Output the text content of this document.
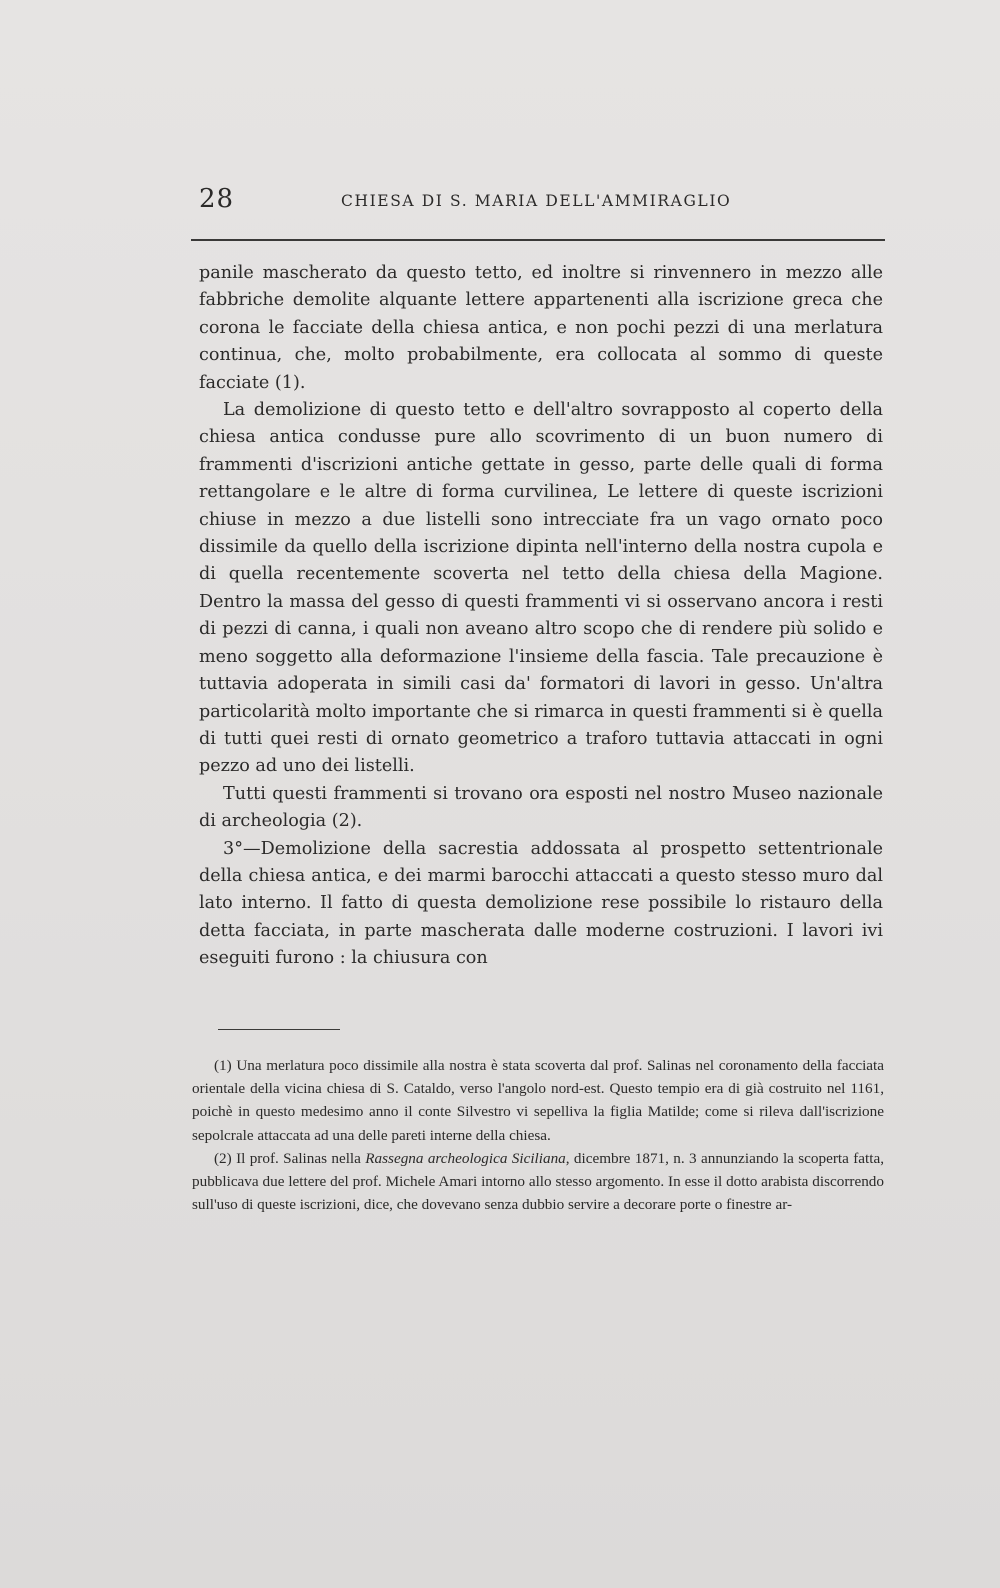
28	CHIESA DI S. MARIA DELL'AMMIRAGLIO

panile mascherato da questo tetto, ed inoltre si rinvennero in mezzo alle fabbriche demolite alquante lettere appartenenti alla iscrizione greca che corona le facciate della chiesa antica, e non pochi pezzi di una merlatura continua, che, molto probabilmente, era collocata al sommo di queste facciate (1).

La demolizione di questo tetto e dell'altro sovrapposto al coperto della chiesa antica condusse pure allo scovrimento di un buon numero di frammenti d'iscrizioni antiche gettate in gesso, parte delle quali di forma rettangolare e le altre di forma curvilinea, Le lettere di queste iscrizioni chiuse in mezzo a due listelli sono intrecciate fra un vago ornato poco dissimile da quello della iscrizione dipinta nell'interno della nostra cupola e di quella recentemente scoverta nel tetto della chiesa della Magione. Dentro la massa del gesso di questi frammenti vi si osservano ancora i resti di pezzi di canna, i quali non aveano altro scopo che di rendere più solido e meno soggetto alla deformazione l'insieme della fascia. Tale precauzione è tuttavia adoperata in simili casi da' formatori di lavori in gesso. Un'altra particolarità molto importante che si rimarca in questi frammenti si è quella di tutti quei resti di ornato geometrico a traforo tuttavia attaccati in ogni pezzo ad uno dei listelli.

Tutti questi frammenti si trovano ora esposti nel nostro Museo nazionale di archeologia (2).

3°—Demolizione della sacrestia addossata al prospetto settentrionale della chiesa antica, e dei marmi barocchi attaccati a questo stesso muro dal lato interno. Il fatto di questa demolizione rese possibile lo ristauro della detta facciata, in parte mascherata dalle moderne costruzioni. I lavori ivi eseguiti furono : la chiusura con

(1) Una merlatura poco dissimile alla nostra è stata scoverta dal prof. Salinas nel coronamento della facciata orientale della vicina chiesa di S. Cataldo, verso l'angolo nord-est. Questo tempio era di già costruito nel 1161, poichè in questo medesimo anno il conte Silvestro vi sepelliva la figlia Matilde; come si rileva dall'iscrizione sepolcrale attaccata ad una delle pareti interne della chiesa.

(2) Il prof. Salinas nella Rassegna archeologica Siciliana, dicembre 1871, n. 3 annunziando la scoperta fatta, pubblicava due lettere del prof. Michele Amari intorno allo stesso argomento. In esse il dotto arabista discorrendo sull'uso di queste iscrizioni, dice, che dovevano senza dubbio servire a decorare porte o finestre ar-
